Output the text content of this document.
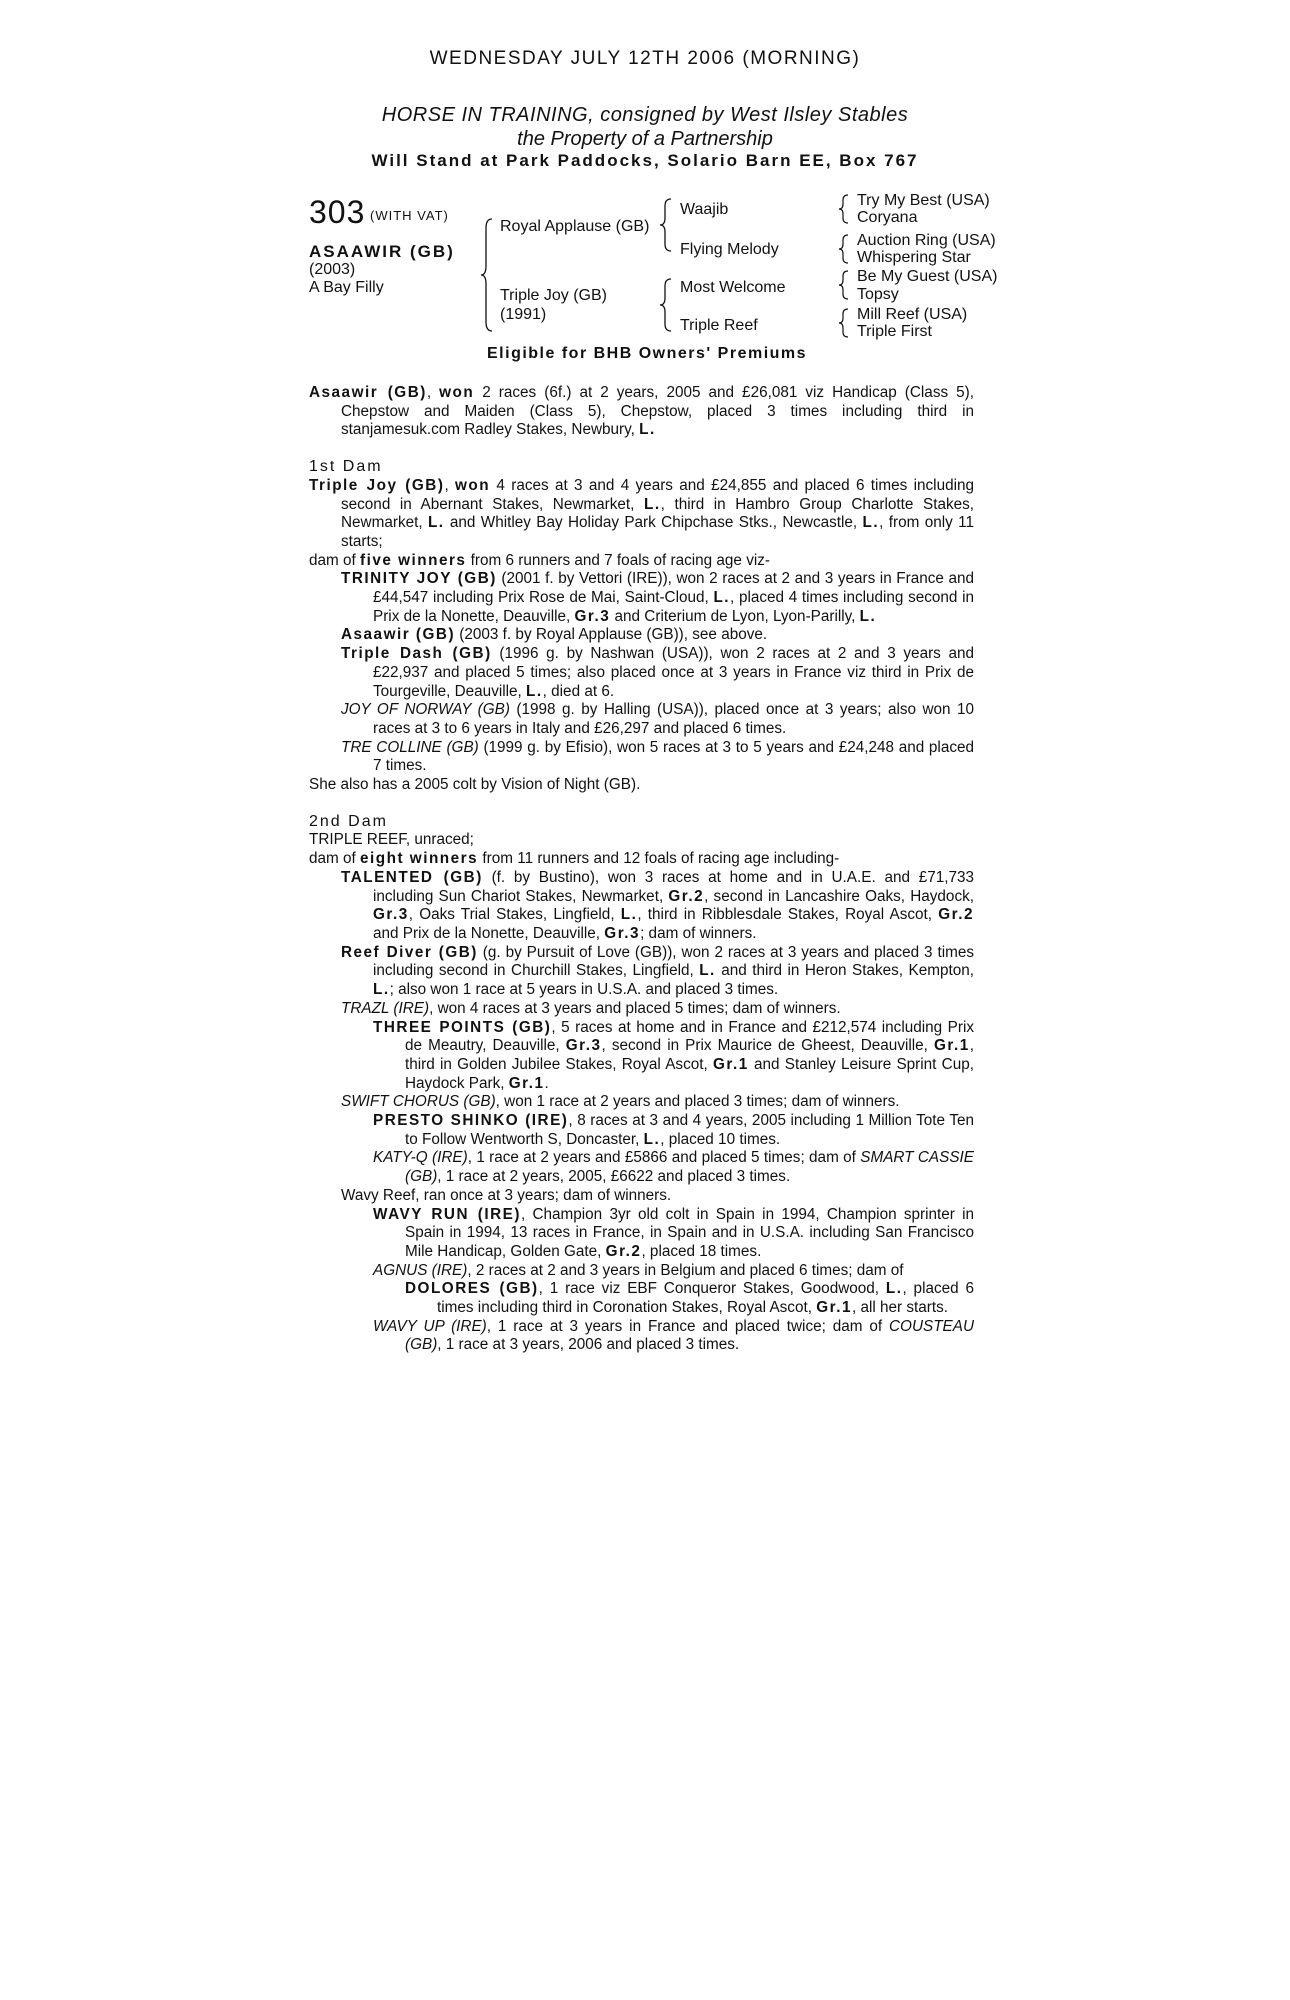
WEDNESDAY JULY 12TH 2006 (MORNING)
HORSE IN TRAINING, consigned by West Ilsley Stables
the Property of a Partnership
Will Stand at Park Paddocks, Solario Barn EE, Box 767
303 (WITH VAT)
ASAAWIR (GB)
(2003)
A Bay Filly
Royal Applause (GB)
Triple Joy (GB)
(1991)
Waajib
Flying Melody
Most Welcome
Triple Reef
Try My Best (USA)
Coryana
Auction Ring (USA)
Whispering Star
Be My Guest (USA)
Topsy
Mill Reef (USA)
Triple First
Eligible for BHB Owners' Premiums

Asaawir (GB), won 2 races (6f.) at 2 years, 2005 and £26,081 viz Handicap (Class 5), Chepstow and Maiden (Class 5), Chepstow, placed 3 times including third in stanjamesuk.com Radley Stakes, Newbury, L.

1st Dam

Triple Joy (GB), won 4 races at 3 and 4 years and £24,855 and placed 6 times including second in Abernant Stakes, Newmarket, L., third in Hambro Group Charlotte Stakes, Newmarket, L. and Whitley Bay Holiday Park Chipchase Stks., Newcastle, L., from only 11 starts;

dam of five winners from 6 runners and 7 foals of racing age viz-

TRINITY JOY (GB) (2001 f. by Vettori (IRE)), won 2 races at 2 and 3 years in France and £44,547 including Prix Rose de Mai, Saint-Cloud, L., placed 4 times including second in Prix de la Nonette, Deauville, Gr.3 and Criterium de Lyon, Lyon-Parilly, L.

Asaawir (GB) (2003 f. by Royal Applause (GB)), see above.

Triple Dash (GB) (1996 g. by Nashwan (USA)), won 2 races at 2 and 3 years and £22,937 and placed 5 times; also placed once at 3 years in France viz third in Prix de Tourgeville, Deauville, L., died at 6.

JOY OF NORWAY (GB) (1998 g. by Halling (USA)), placed once at 3 years; also won 10 races at 3 to 6 years in Italy and £26,297 and placed 6 times.

TRE COLLINE (GB) (1999 g. by Efisio), won 5 races at 3 to 5 years and £24,248 and placed 7 times.

She also has a 2005 colt by Vision of Night (GB).

2nd Dam

TRIPLE REEF, unraced;

dam of eight winners from 11 runners and 12 foals of racing age including-

TALENTED (GB) (f. by Bustino), won 3 races at home and in U.A.E. and £71,733 including Sun Chariot Stakes, Newmarket, Gr.2, second in Lancashire Oaks, Haydock, Gr.3, Oaks Trial Stakes, Lingfield, L., third in Ribblesdale Stakes, Royal Ascot, Gr.2 and Prix de la Nonette, Deauville, Gr.3; dam of winners.

Reef Diver (GB) (g. by Pursuit of Love (GB)), won 2 races at 3 years and placed 3 times including second in Churchill Stakes, Lingfield, L. and third in Heron Stakes, Kempton, L.; also won 1 race at 5 years in U.S.A. and placed 3 times.

TRAZL (IRE), won 4 races at 3 years and placed 5 times; dam of winners.

THREE POINTS (GB), 5 races at home and in France and £212,574 including Prix de Meautry, Deauville, Gr.3, second in Prix Maurice de Gheest, Deauville, Gr.1, third in Golden Jubilee Stakes, Royal Ascot, Gr.1 and Stanley Leisure Sprint Cup, Haydock Park, Gr.1.

SWIFT CHORUS (GB), won 1 race at 2 years and placed 3 times; dam of winners.

PRESTO SHINKO (IRE), 8 races at 3 and 4 years, 2005 including 1 Million Tote Ten to Follow Wentworth S, Doncaster, L., placed 10 times.

KATY-Q (IRE), 1 race at 2 years and £5866 and placed 5 times; dam of SMART CASSIE (GB), 1 race at 2 years, 2005, £6622 and placed 3 times.

Wavy Reef, ran once at 3 years; dam of winners.

WAVY RUN (IRE), Champion 3yr old colt in Spain in 1994, Champion sprinter in Spain in 1994, 13 races in France, in Spain and in U.S.A. including San Francisco Mile Handicap, Golden Gate, Gr.2, placed 18 times.

AGNUS (IRE), 2 races at 2 and 3 years in Belgium and placed 6 times; dam of

DOLORES (GB), 1 race viz EBF Conqueror Stakes, Goodwood, L., placed 6 times including third in Coronation Stakes, Royal Ascot, Gr.1, all her starts.

WAVY UP (IRE), 1 race at 3 years in France and placed twice; dam of COUSTEAU (GB), 1 race at 3 years, 2006 and placed 3 times.
